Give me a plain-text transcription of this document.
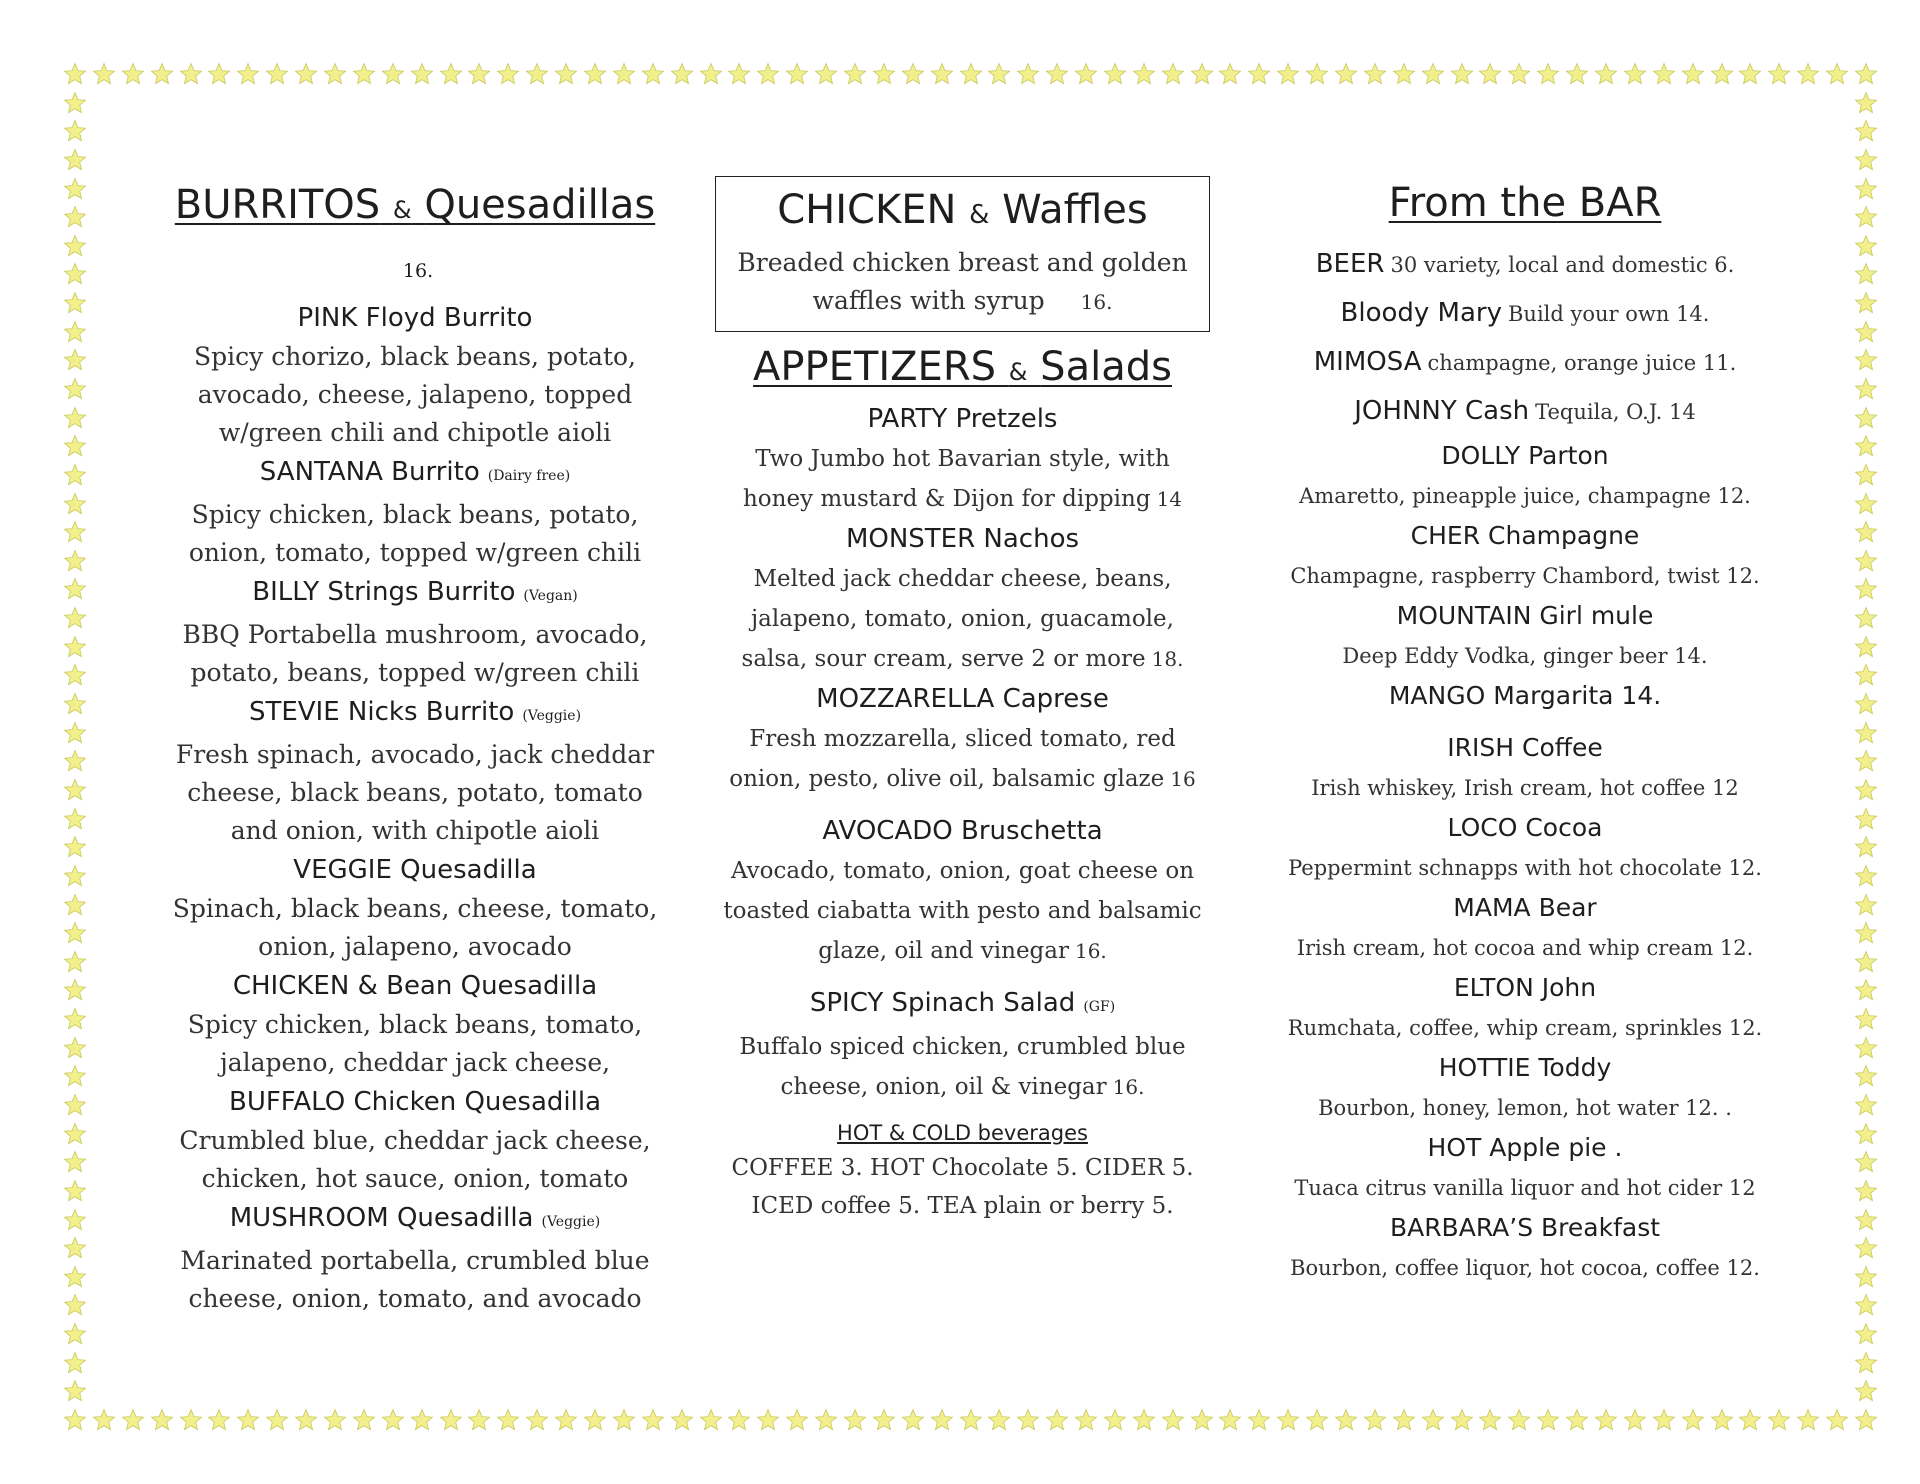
BURRITOS & Quesadillas16.
PINK Floyd Burrito
Spicy chorizo, black beans, potato,
avocado, cheese, jalapeno, topped
w/green chili and chipotle aioli
SANTANA Burrito (Dairy free)
Spicy chicken, black beans, potato,
onion, tomato, topped w/green chili
BILLY Strings Burrito (Vegan)
BBQ Portabella mushroom, avocado,
potato, beans, topped w/green chili
STEVIE Nicks Burrito (Veggie)
Fresh spinach, avocado, jack cheddar
cheese, black beans, potato, tomato
and onion, with chipotle aioli
VEGGIE Quesadilla
Spinach, black beans, cheese, tomato,
onion, jalapeno, avocado
CHICKEN & Bean Quesadilla
Spicy chicken, black beans, tomato,
jalapeno, cheddar jack cheese,
BUFFALO Chicken Quesadilla
Crumbled blue, cheddar jack cheese,
chicken, hot sauce, onion, tomato
MUSHROOM Quesadilla (Veggie)
Marinated portabella, crumbled blue
cheese, onion, tomato, and avocado
CHICKEN & Waffles
Breaded chicken breast and golden
waffles with syrup 16.
APPETIZERS & Salads
PARTY Pretzels
Two Jumbo hot Bavarian style, with
honey mustard & Dijon for dipping 14
MONSTER Nachos
Melted jack cheddar cheese, beans,
jalapeno, tomato, onion, guacamole,
salsa, sour cream, serve 2 or more 18.
MOZZARELLA Caprese
Fresh mozzarella, sliced tomato, red
onion, pesto, olive oil, balsamic glaze 16
AVOCADO Bruschetta
Avocado, tomato, onion, goat cheese on
toasted ciabatta with pesto and balsamic
glaze, oil and vinegar 16.
SPICY Spinach Salad (GF)
Buffalo spiced chicken, crumbled blue
cheese, onion, oil & vinegar 16.
HOT & COLD beverages
COFFEE 3. HOT Chocolate 5. CIDER 5.
ICED coffee 5. TEA plain or berry 5.
From the BAR
BEER 30 variety, local and domestic 6.
Bloody Mary Build your own 14.
MIMOSA champagne, orange juice 11.
JOHNNY Cash Tequila, O.J. 14
DOLLY Parton
Amaretto, pineapple juice, champagne 12.
CHER Champagne
Champagne, raspberry Chambord, twist 12.
MOUNTAIN Girl mule
Deep Eddy Vodka, ginger beer 14.
MANGO Margarita 14.
IRISH Coffee
Irish whiskey, Irish cream, hot coffee 12
LOCO Cocoa
Peppermint schnapps with hot chocolate 12.
MAMA Bear
Irish cream, hot cocoa and whip cream 12.
ELTON John
Rumchata, coffee, whip cream, sprinkles 12.
HOTTIE Toddy
Bourbon, honey, lemon, hot water 12. .
HOT Apple pie .
Tuaca citrus vanilla liquor and hot cider 12
BARBARA’S Breakfast
Bourbon, coffee liquor, hot cocoa, coffee 12.
